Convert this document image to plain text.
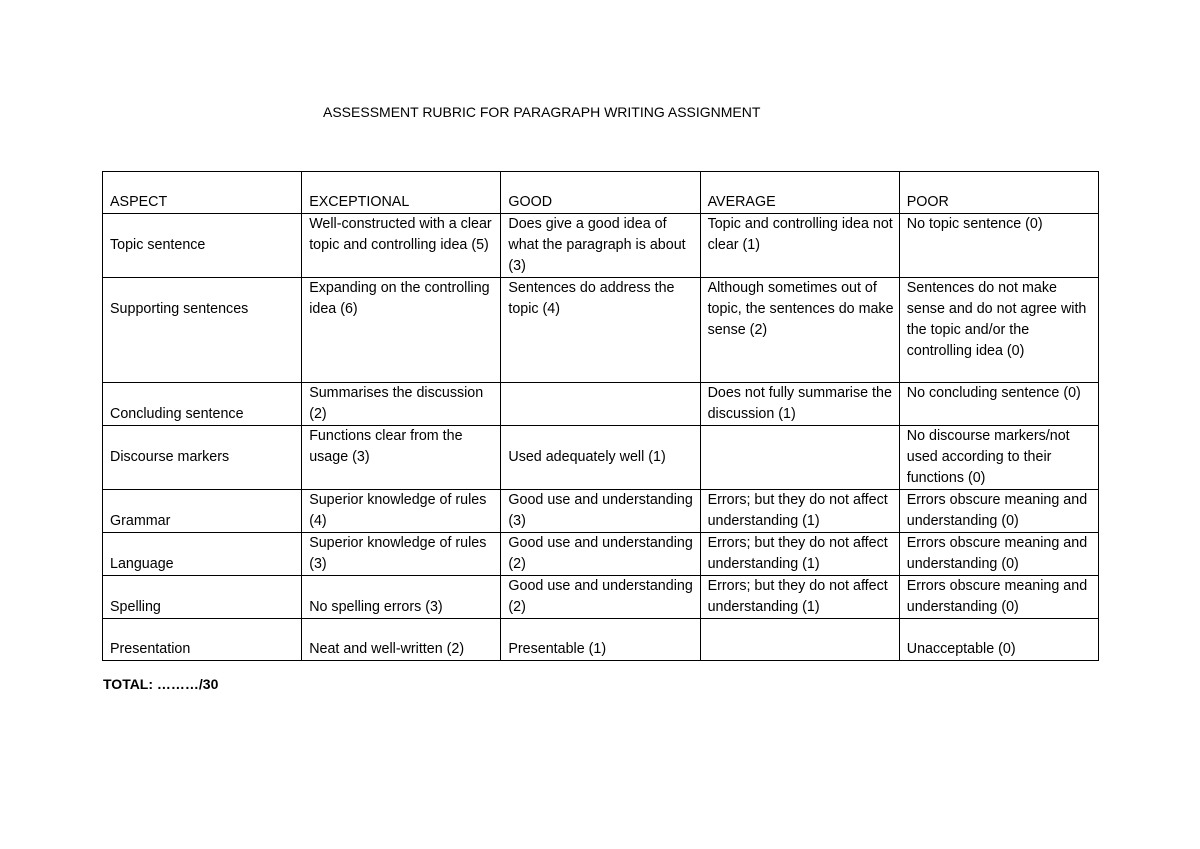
ASSESSMENT RUBRIC FOR PARAGRAPH WRITING ASSIGNMENT
ASPECT	EXCEPTIONAL	GOOD	AVERAGE	POOR
Topic sentence	Well-constructed with a clear topic and controlling idea (5)	Does give a good idea of what the paragraph is about (3)	Topic and controlling idea not clear (1)	No topic sentence (0)
Supporting sentences	Expanding on the controlling idea (6)	Sentences do address the topic (4)	Although sometimes out of topic, the sentences do make sense (2)	Sentences do not make sense and do not agree with the topic and/or the controlling idea (0)
Concluding sentence	Summarises the discussion (2)		Does not fully summarise the discussion (1)	No concluding sentence (0)
Discourse markers	Functions clear from the usage (3)	Used adequately well (1)		No discourse markers/not used according to their functions (0)
Grammar	Superior knowledge of rules (4)	Good use and understanding (3)	Errors; but they do not affect understanding (1)	Errors obscure meaning and understanding (0)
Language	Superior knowledge of rules (3)	Good use and understanding (2)	Errors; but they do not affect understanding (1)	Errors obscure meaning and understanding (0)
Spelling	No spelling errors (3)	Good use and understanding (2)	Errors; but they do not affect understanding (1)	Errors obscure meaning and understanding (0)
Presentation	Neat and well-written (2)	Presentable (1)		Unacceptable (0)
TOTAL: ………/30
